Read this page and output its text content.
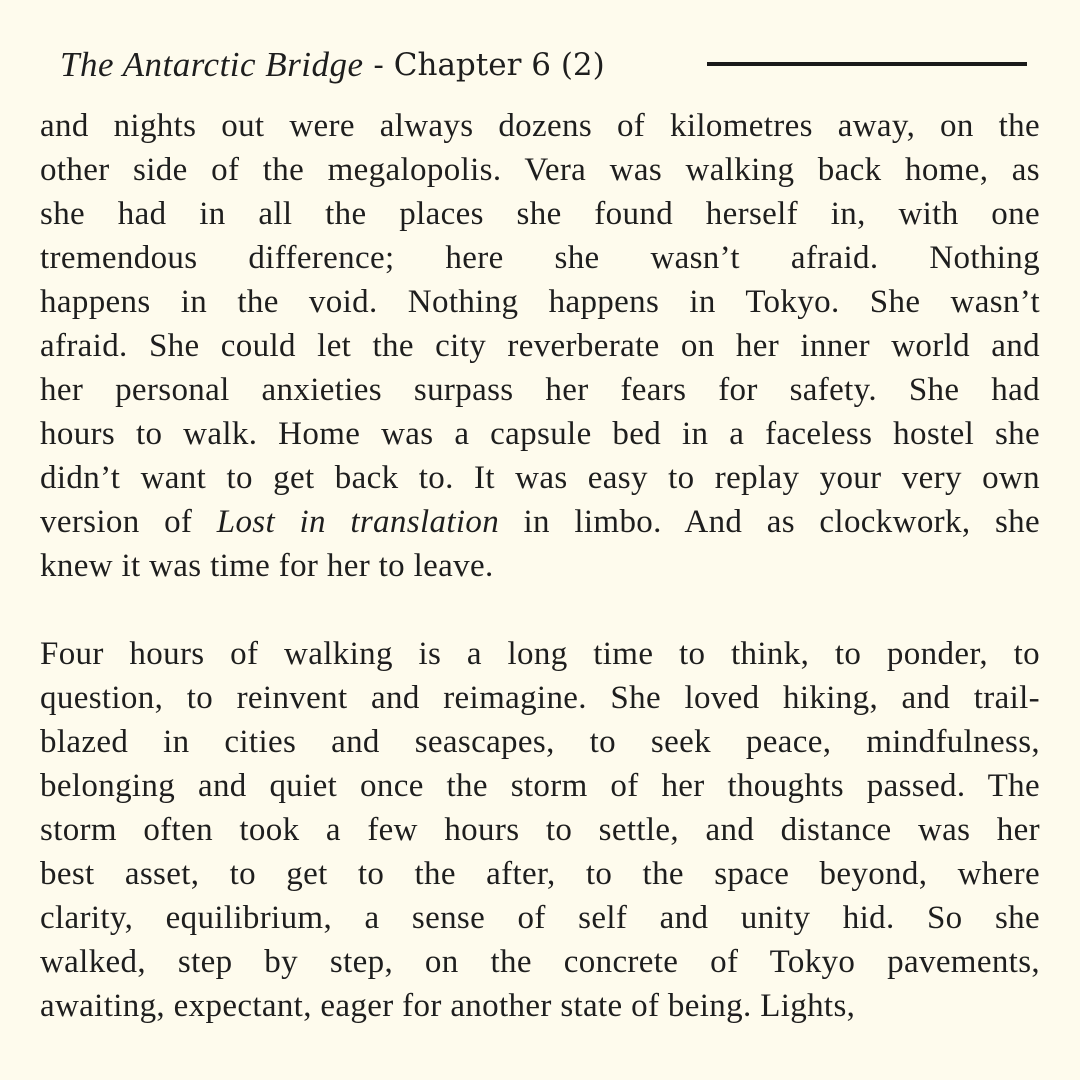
The Antarctic Bridge - Chapter 6 (2)
and nights out were always dozens of kilometres away, on the
other side of the megalopolis. Vera was walking back home, as
she had in all the places she found herself in, with one
tremendous difference; here she wasn’t afraid. Nothing
happens in the void. Nothing happens in Tokyo. She wasn’t
afraid. She could let the city reverberate on her inner world and
her personal anxieties surpass her fears for safety. She had
hours to walk. Home was a capsule bed in a faceless hostel she
didn’t want to get back to. It was easy to replay your very own
version of Lost in translation in limbo. And as clockwork, she
knew it was time for her to leave.
Four hours of walking is a long time to think, to ponder, to
question, to reinvent and reimagine. She loved hiking, and trail-
blazed in cities and seascapes, to seek peace, mindfulness,
belonging and quiet once the storm of her thoughts passed. The
storm often took a few hours to settle, and distance was her
best asset, to get to the after, to the space beyond, where
clarity, equilibrium, a sense of self and unity hid. So she
walked, step by step, on the concrete of Tokyo pavements,
awaiting, expectant, eager for another state of being. Lights,
